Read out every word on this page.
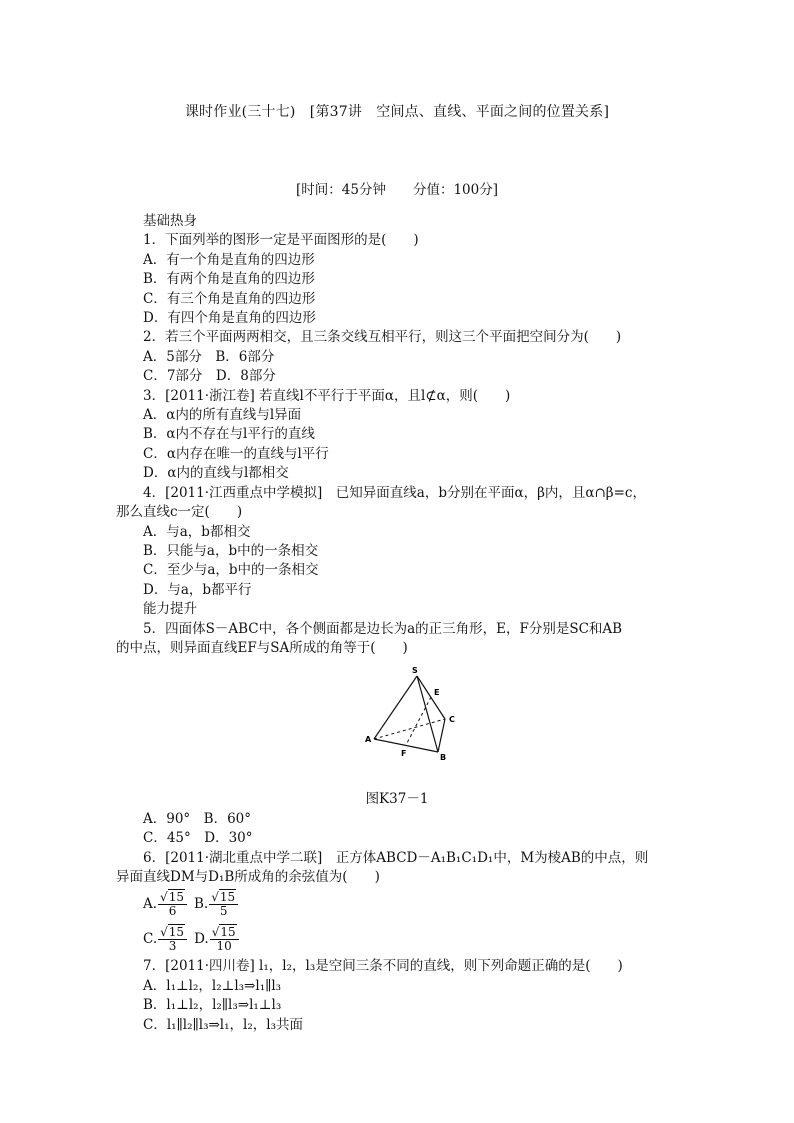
课时作业(三十七)　[第37讲　空间点、直线、平面之间的位置关系]
[时间：45分钟　　分值：100分]
基础热身
1．下面列举的图形一定是平面图形的是(　　)
A．有一个角是直角的四边形
B．有两个角是直角的四边形
C．有三个角是直角的四边形
D．有四个角是直角的四边形
2．若三个平面两两相交，且三条交线互相平行，则这三个平面把空间分为(　　)
A．5部分　B．6部分
C．7部分　D．8部分
3．[2011·浙江卷] 若直线l不平行于平面α，且l⊄α，则(　　)
A．α内的所有直线与l异面
B．α内不存在与l平行的直线
C．α内存在唯一的直线与l平行
D．α内的直线与l都相交
4．[2011·江西重点中学模拟]　已知异面直线a，b分别在平面α，β内，且α∩β=c，
那么直线c一定(　　)
A．与a，b都相交
B．只能与a，b中的一条相交
C．至少与a，b中的一条相交
D．与a，b都平行
能力提升
5．四面体S－ABC中，各个侧面都是边长为a的正三角形，E，F分别是SC和AB
的中点，则异面直线EF与SA所成的角等于(　　)
S
E
C
A
F	B
图K37－1
A．90°　B．60°
C．45°　D．30°
6．[2011·湖北重点中学二联]　正方体ABCD－A₁B₁C₁D₁中，M为棱AB的中点，则
异面直线DM与D₁B所成角的余弦值为(　　)
A. $\frac{√15}{6} B$. $\frac{√15}{5}$
C. $\frac{√15}{3} D$. $\frac{√15}{10}$
7．[2011·四川卷] l₁，l₂，l₃是空间三条不同的直线，则下列命题正确的是(　　)
A．l₁⊥l₂，l₂⊥l₃⇒l₁∥l₃
B．l₁⊥l₂，l₂∥l₃⇒l₁⊥l₃
C．l₁∥l₂∥l₃⇒l₁，l₂，l₃共面
